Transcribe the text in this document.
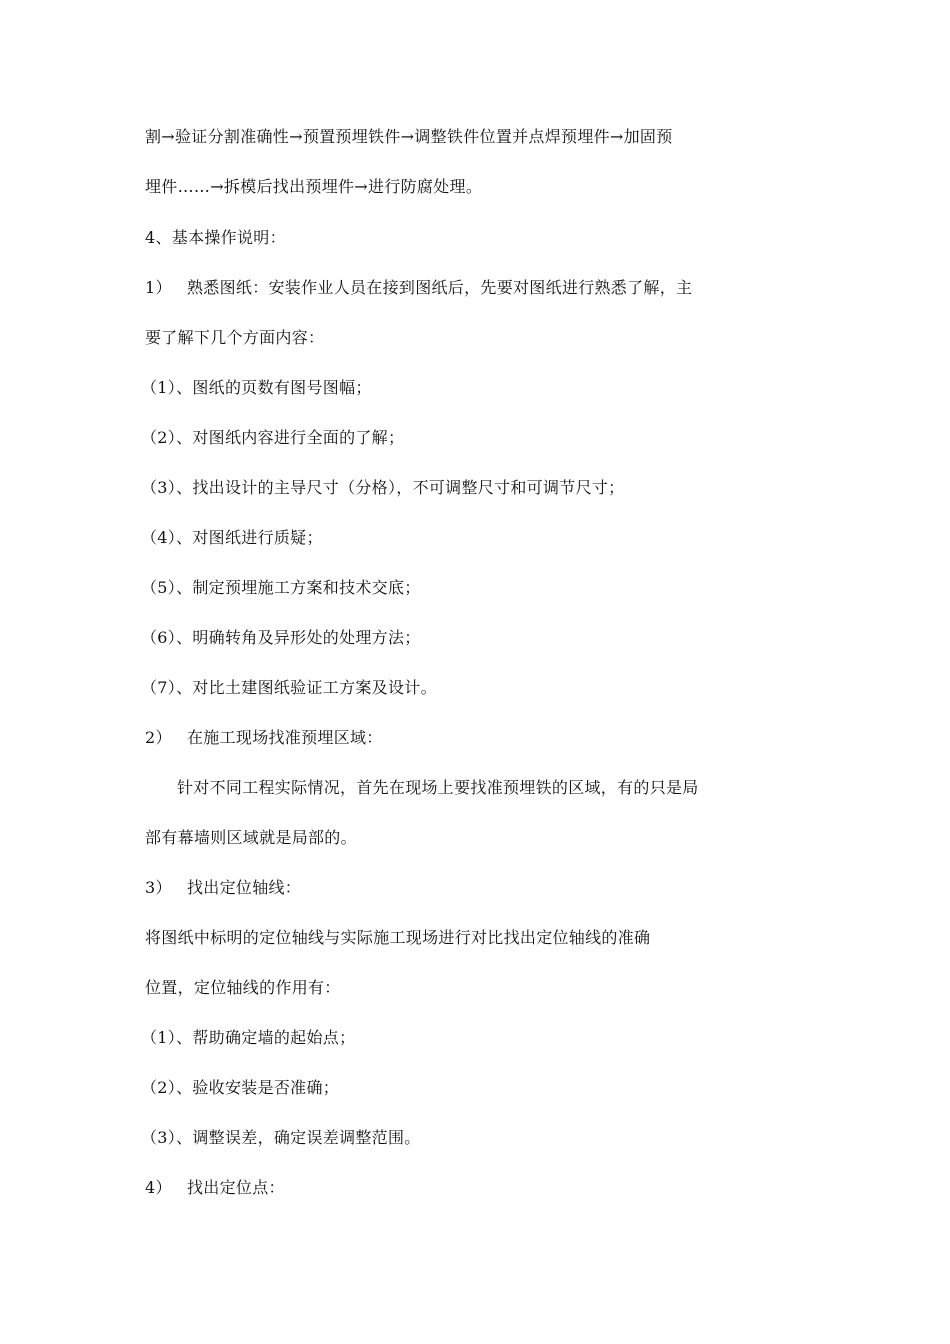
割→验证分割准确性→预置预埋铁件→调整铁件位置并点焊预埋件→加固预
埋件……→拆模后找出预埋件→进行防腐处理。
4、基本操作说明：
1） 熟悉图纸：安装作业人员在接到图纸后，先要对图纸进行熟悉了解，主
要了解下几个方面内容：
（1）、图纸的页数有图号图幅；
（2）、对图纸内容进行全面的了解；
（3）、找出设计的主导尺寸（分格），不可调整尺寸和可调节尺寸；
（4）、对图纸进行质疑；
（5）、制定预埋施工方案和技术交底；
（6）、明确转角及异形处的处理方法；
（7）、对比土建图纸验证工方案及设计。
2） 在施工现场找准预埋区域：
针对不同工程实际情况，首先在现场上要找准预埋铁的区域，有的只是局
部有幕墙则区域就是局部的。
3） 找出定位轴线：
将图纸中标明的定位轴线与实际施工现场进行对比找出定位轴线的准确
位置，定位轴线的作用有：
（1）、帮助确定墙的起始点；
（2）、验收安装是否准确；
（3）、调整误差，确定误差调整范围。
4） 找出定位点：
